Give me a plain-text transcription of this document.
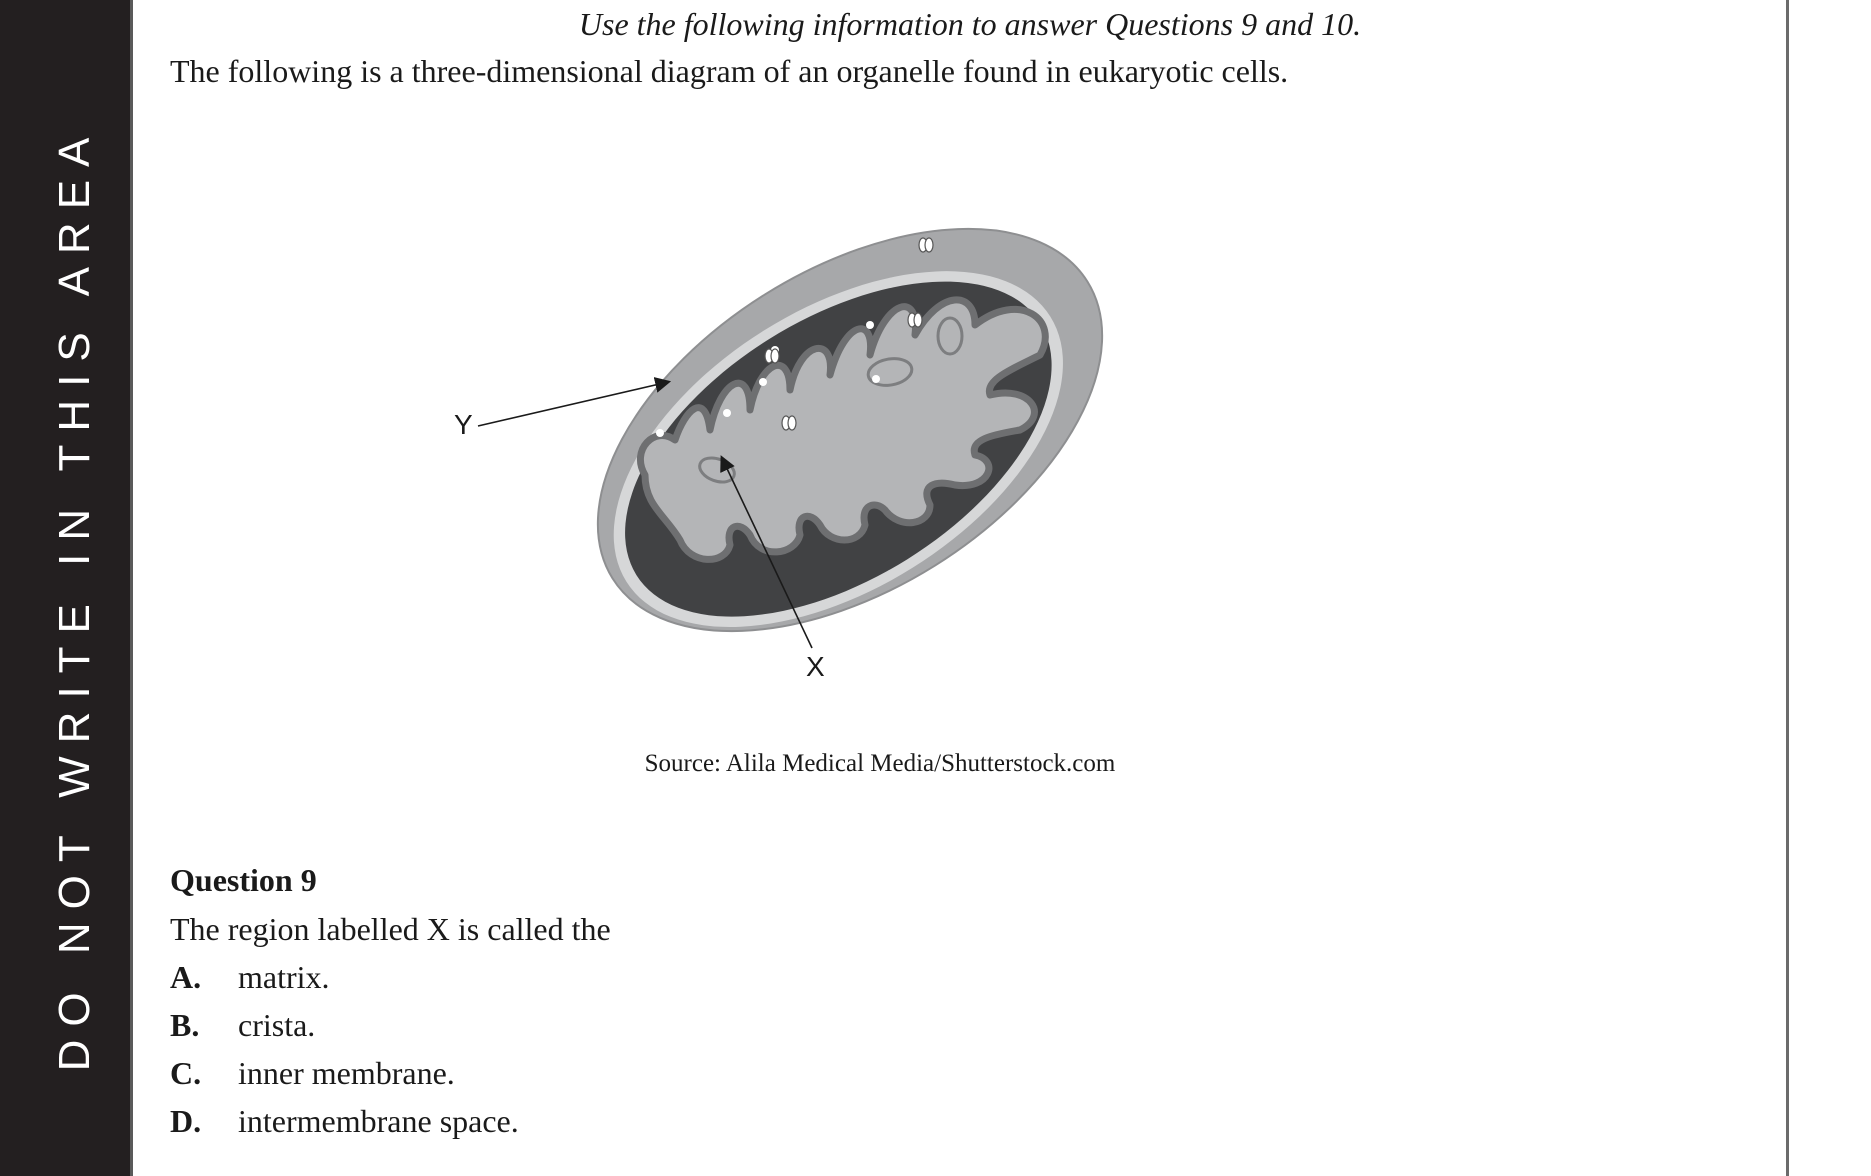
DO NOT WRITE IN THIS AREA
Use the following information to answer Questions 9 and 10.
The following is a three-dimensional diagram of an organelle found in eukaryotic cells.
Y
X
Source: Alila Medical Media/Shutterstock.com
Question 9
The region labelled X is called the
A.	matrix.
B.	crista.
C.	inner membrane.
D.	intermembrane space.
